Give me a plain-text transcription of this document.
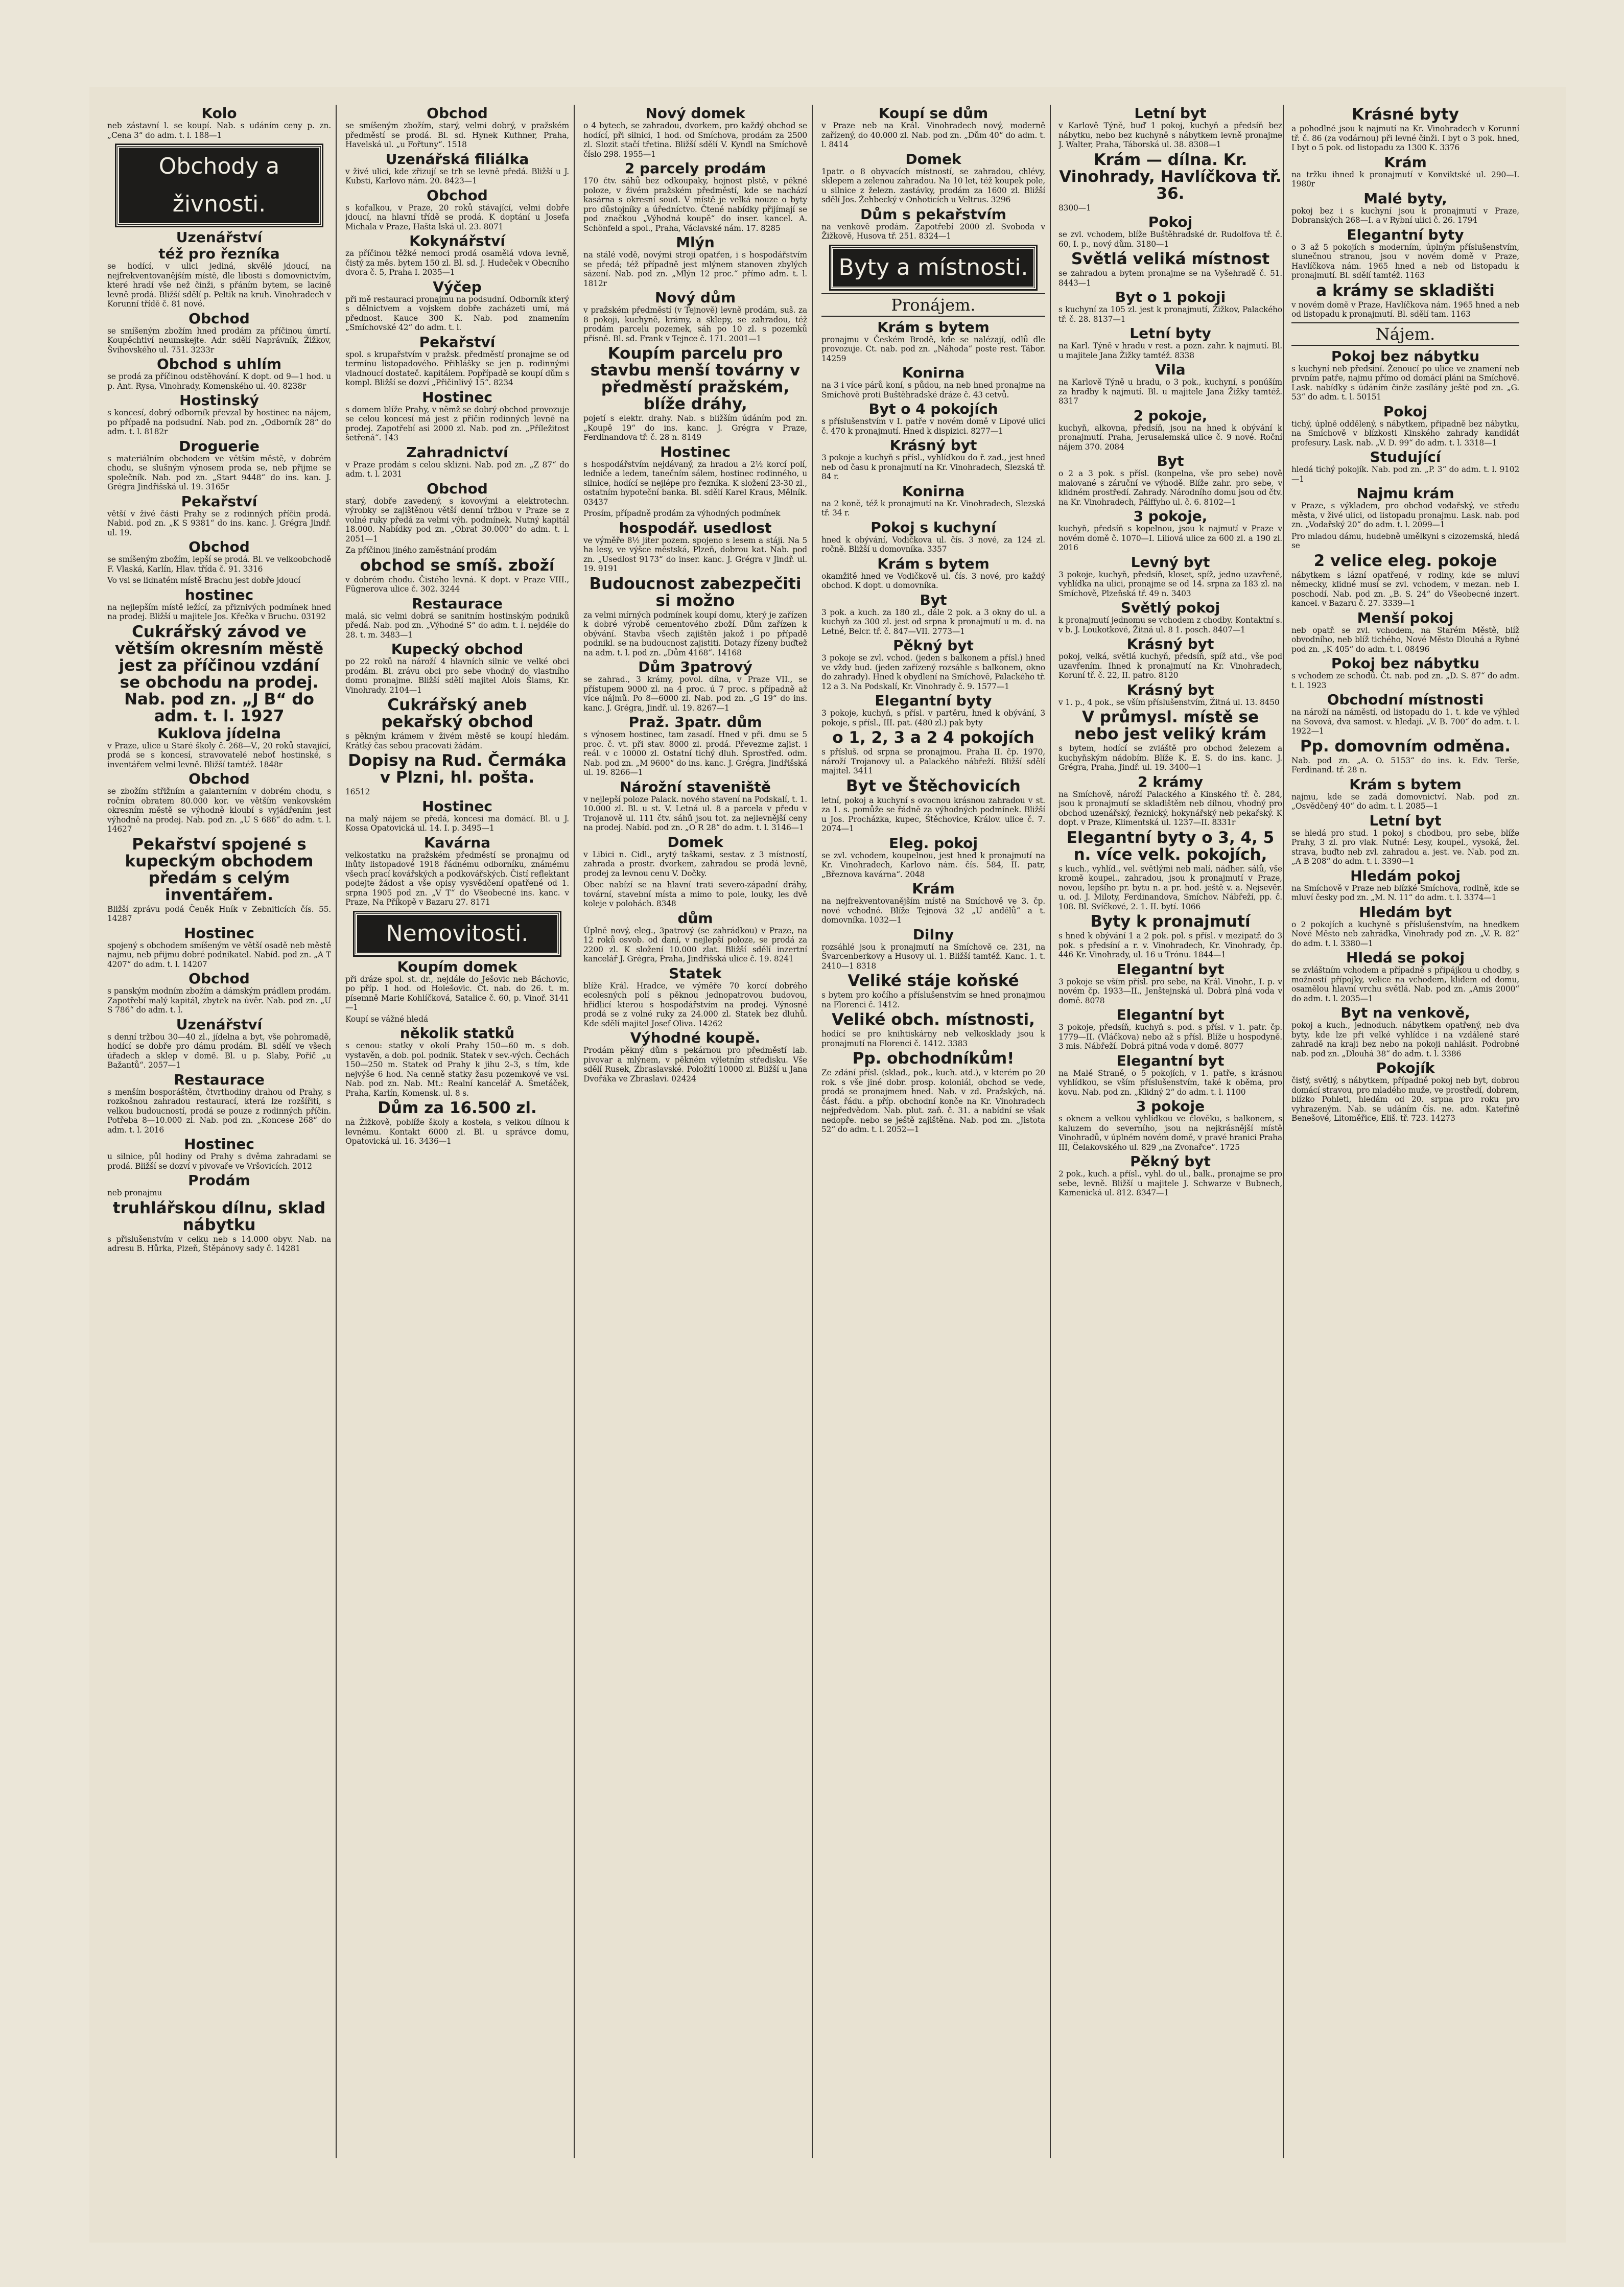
Kolo
neb zástavní l. se koupí. Nab. s udáním ceny p. zn. „Cena 3“ do adm. t. l. 188—1
Obchody a živnosti.
Uzenářství
též pro řezníka
se hodící, v ulici jediná, skvělé jdoucí, na nejfrekventovanějším místě, dle libosti s domovnictvím, které hradí vše než činži, s přáním bytem, se lacině levně prodá. Bližší sdělí p. Peltik na kruh. Vinohradech v Korunní třídě č. 81 nové.
Obchod
se smíšeným zbožím hned prodám za příčinou úmrtí. Koupěchtiví neumskejte. Adr. sdělí Naprávník, Žižkov, Švihovského ul. 751. 3233r
Obchod s uhlím
se prodá za příčinou odstěhování. K dopt. od 9—1 hod. u p. Ant. Rysa, Vinohrady, Komenského ul. 40. 8238r
Hostinský
s koncesí, dobrý odborník převzal by hostinec na nájem, po případě na podsudní. Nab. pod zn. „Odborník 28“ do adm. t. l. 8182r
Droguerie
s materiálním obchodem ve větším městě, v dobrém chodu, se slušným výnosem proda se, neb přijme se společník. Nab. pod zn. „Start 9448“ do ins. kan. J. Grégra Jindřišská ul. 19. 3165r
Pekařství
větší v živé části Prahy se z rodinných příčin prodá. Nabid. pod zn. „K S 9381“ do ins. kanc. J. Grégra Jindř. ul. 19.
Obchod
se smíšeným zbožím, lepší se prodá. Bl. ve velkoobchodě F. Vlaská, Karlín, Hlav. třída č. 91. 3316
Vo vsi se lidnatém místě Brachu jest dobře jdoucí
hostinec
na nejlepším místě ležící, za přiznivých podmínek hned na prodej. Bližší u majitele Jos. Křečka v Bruchu. 03192
Cukrářský závod ve větším okresním městě jest za příčinou vzdání se obchodu na prodej. Nab. pod zn. „J B“ do adm. t. l. 1927
Kuklova jídelna
v Praze, ulice u Staré školy č. 268—V., 20 roků stavající, prodá se s koncesí, stravovatelé neboť hostinské, s inventářem velmi levně. Bližší tamtéž. 1848r
Obchod
se zbožím střižním a galanterním v dobrém chodu, s ročním obratem 80.000 kor. ve větším venkovském okresním městě se výhodně kloubí s vyjádřením jest výhodně na prodej. Nab. pod zn. „U S 686“ do adm. t. l. 14627
Pekařství spojené s kupeckým obchodem předám s celým inventářem.
Bližší zprávu podá Čeněk Hník v Zebniticích čís. 55. 14287
Hostinec
spojený s obchodem smíšeným ve větší osadě neb městě najmu, neb přijmu dobré podnikatel. Nabíd. pod zn. „A T 4207“ do adm. t. l. 14207
Obchod
s panským modním zbožím a dámským prádlem prodám. Zapotřebí malý kapitál, zbytek na úvěr. Nab. pod zn. „U S 786“ do adm. t. l.
Uzenářství
s denní tržbou 30—40 zl., jídelna a byt, vše pohromadě, hodící se dobře pro dámu prodám. Bl. sdělí ve všech úřadech a sklep v domě. Bl. u p. Slaby, Poříč „u Bažantů“. 2057—1
Restaurace
s menším bosporáštěm, čtvrthodiny drahou od Prahy, s rozkošnou zahradou restaurací, která lze rozšířiti, s velkou budoucností, prodá se pouze z rodinných příčin. Potřeba 8—10.000 zl. Nab. pod zn. „Koncese 268“ do adm. t. l. 2016
Hostinec
u silnice, půl hodiny od Prahy s dvěma zahradami se prodá. Bližší se dozví v pivovaře ve Vršovicích. 2012
Prodám
neb pronajmu
truhlářskou dílnu, sklad nábytku
s přislušenstvím v celku neb s 14.000 obyv. Nab. na adresu B. Hůrka, Plzeň, Štěpánovy sady č. 14281
Obchod
se smíšeným zbožím, starý, velmi dobrý, v pražském předměstí se prodá. Bl. sd. Hynek Kuthner, Praha, Havelská ul. „u Fořtuny“. 1518
Uzenářská filiálka
v živé ulici, kde zřizují se trh se levně předá. Bližší u J. Kubsti, Karlovo nám. 20. 8423—1
Obchod
s kořalkou, v Praze, 20 roků stávající, velmi dobře jdoucí, na hlavní třídě se prodá. K doptání u Josefa Michala v Praze, Hašta lská ul. 23. 8071
Kokynářství
za příčinou těžké nemoci prodá osamělá vdova levně, čistý za měs. bytem 150 zl. Bl. sd. J. Hudeček v Obecního dvora č. 5, Praha I. 2035—1
Výčep
při mě restauraci pronajmu na podsudní. Odborník který s dělnictvem a vojskem dobře zacházeti umí, má přednost. Kauce 300 K. Nab. pod znamením „Smíchovské 42“ do adm. t. l.
Pekařství
spol. s krupařstvím v pražsk. předměstí pronajme se od termínu listopadového. Přihlášky se jen p. rodinnými vladnoucí dostateč. kapitálem. Popřípadě se koupí dům s kompl. Bližší se dozví „Přičinlivý 15“. 8234
Hostinec
s domem blíže Prahy, v němž se dobrý obchod provozuje se celou koncesí má jest z příčin rodinných levně na prodej. Zapotřebí asi 2000 zl. Nab. pod zn. „Příležitost šetřená“. 143
Zahradnictví
v Praze prodám s celou sklizni. Nab. pod zn. „Z 87“ do adm. t. l. 2031
Obchod
starý, dobře zavedený, s kovovými a elektrotechn. výrobky se zajištěnou větší denní tržbou v Praze se z volné ruky předá za velmi výh. podmínek. Nutný kapitál 18.000. Nabídky pod zn. „Obrat 30.000“ do adm. t. l. 2051—1
Za příčinou jiného zaměstnání prodám
obchod se smíš. zboží
v dobrém chodu. Čistého levná. K dopt. v Praze VIII., Fügnerova ulice č. 302. 3244
Restaurace
malá, sic velmi dobrá se sanitním hostinským podniků předá. Nab. pod zn. „Výhodné S“ do adm. t. l. nejdéle do 28. t. m. 3483—1
Kupecký obchod
po 22 roků na nároží 4 hlavních silnic ve velké obci prodám. Bl. zrávu obci pro sebe vhodný do vlastního domu pronajme. Bližší sdělí majitel Alois Šlams, Kr. Vinohrady. 2104—1
Cukrářský aneb pekařský obchod
s pěkným krámem v živém městě se koupí hledám. Krátký čas sebou pracovati žádám.
Dopisy na Rud. Čermáka v Plzni, hl. pošta.
16512
Hostinec
na malý nájem se předá, koncesi ma domácí. Bl. u J. Kossa Opatovická ul. 14. I. p. 3495—1
Kavárna
velkostatku na pražském předměstí se pronajmu od lhůty listopadové 1918 řádnému odborníku, známému všech prací kovářských a podkovářských. Čistí reflektant podejte žádost a vše opisy vysvědčení opatřené od 1. srpna 1905 pod zn. „V T“ do Všeobecné ins. kanc. v Praze, Na Příkopě v Bazaru 27. 8171
Nemovitosti.
Koupím domek
při dráze spol. st. dr., nejdále do Ješovic neb Báchovic, po příp. 1 hod. od Holešovic. Čt. nab. do 26. t. m. písemně Marie Kohlíčková, Satalice č. 60, p. Vinoř. 3141—1
Koupí se vážné hledá
několik statků
s cenou: statky v okolí Prahy 150—60 m. s dob. vystavěn, a dob. pol. podnik. Statek v sev.-vých. Čechách 150—250 m. Statek od Prahy k jihu 2–3, s tím, kde nejvýše 6 hod. Na cenně statky žasu pozemkové ve vsi. Nab. pod zn. Nab. Mt.: Realní kancelář A. Šmetáček, Praha, Karlín, Komensk. ul. 8 s.
Dům za 16.500 zl.
na Žižkově, poblíže školy a kostela, s velkou dílnou k levnému. Kontakt 6000 zl. Bl. u správce domu, Opatovická ul. 16. 3436—1
Nový domek
o 4 bytech, se zahradou, dvorkem, pro každý obchod se hodící, při silnici, 1 hod. od Smíchova, prodám za 2500 zl. Slozit stačí třetina. Bližší sdělí V. Kyndl na Smíchově číslo 298. 1955—1
2 parcely prodám
170 čtv. sáhů bez odkoupaky, hojnost plstě, v pěkné poloze, v živém pražském předměstí, kde se nachází kasárna s okresní soud. V místě je velká nouze o byty pro důstojníky a úředníctvo. Čtené nabídky přijímají se pod značkou „Výhodná koupě“ do inser. kancel. A. Schönfeld a spol., Praha, Václavské nám. 17. 8285
Mlýn
na stálé vodě, novými stroji opatřen, i s hospodářstvím se předá; též případně jest mlýnem stanoven zbylých sázení. Nab. pod zn. „Mlýn 12 proc.“ přímo adm. t. l. 1812r
Nový dům
v pražském předměstí (v Tejnově) levně prodám, suš. za 8 pokoji, kuchyně, krámy, a sklepy, se zahradou, též prodám parcelu pozemek, sáh po 10 zl. s pozemků přísně. Bl. sd. Frank v Tejnce č. 171. 2001—1
Koupím parcelu pro stavbu menší továrny v předměstí pražském, blíže dráhy,
pojetí s elektr. drahy. Nab. s bližším údáním pod zn. „Koupě 19“ do ins. kanc. J. Grégra v Praze, Ferdinandova tř. č. 28 n. 8149
Hostinec
s hospodářstvím nejdávaný, za hradou a 2½ korcí polí, ledniče a ledem, tanečním sálem, hostinec rodinného, u silnice, hodící se nejlépe pro řezníka. K složení 23-30 zl., ostatním hypoteční banka. Bl. sdělí Karel Kraus, Mělník. 03437
Prosím, případně prodám za výhodných podmínek
hospodář. usedlost
ve výměře 8½ jiter pozem. spojeno s lesem a stáji. Na 5 ha lesy, ve výšce městská, Plzeň, dobrou kat. Nab. pod zn. „Usedlost 9173“ do inser. kanc. J. Grégra v Jindř. ul. 19. 9191
Budoucnost zabezpečiti si možno
za velmi mírných podmínek koupí domu, který je zařízen k dobré výrobě cementového zboží. Dům zařízen k obývání. Stavba všech zajištěn jakož i po případě podnikl. se na budoucnost zajistiti. Dotazy řízeny buďtež na adm. t. l. pod zn. „Dům 4168“. 14168
Dům 3patrový
se zahrad., 3 krámy, povol. dílna, v Praze VII., se přístupem 9000 zl. na 4 proc. ú 7 proc. s případně až více nájmů. Po 8—6000 zl. Nab. pod zn. „G 19“ do ins. kanc. J. Grégra, Jindř. ul. 19. 8267—1
Praž. 3patr. dům
s výnosem hostinec, tam zasadí. Hned v při. dmu se 5 proc. č. vt. při stav. 8000 zl. prodá. Převezme zajist. i reál. v c 10000 zl. Ostatní tichý dluh. Sprostřed. odm. Nab. pod zn. „M 9600“ do ins. kanc. J. Grégra, Jindřišská ul. 19. 8266—1
Nárožní staveniště
v nejlepší poloze Palack. nového stavení na Podskalí, t. 1. 10.000 zl. Bl. u st. V. Letná ul. 8 a parcela v předu v Trojanově ul. 111 čtv. sáhů jsou tot. za nejlevnější ceny na prodej. Nabíd. pod zn. „O R 28“ do adm. t. l. 3146—1
Domek
v Libici n. Cidl., arytý taškami, sestav. z 3 místností, zahrada a prostr. dvorkem, zahradou se prodá levně, prodej za levnou cenu V. Dočky.
Obec nabízí se na hlavní trati severo-západní dráhy, tovární, stavební místa a mimo to pole, louky, les dvě koleje v polohách. 8348
dům
Úplně nový, eleg., 3patrový (se zahrádkou) v Praze, na 12 roků osvob. od daní, v nejlepší poloze, se prodá za 2200 zl. K složení 10.000 zlat. Bližší sdělí inzertní kancelář J. Grégra, Praha, Jindřišská ulice č. 19. 8241
Statek
blíže Král. Hradce, ve výměře 70 korcí dobrého ecolesných polí s pěknou jednopatrovou budovou, hřídlicí kterou s hospodářstvím na prodej. Výnosné prodá se z volné ruky za 24.000 zl. Statek bez dluhů. Kde sdělí majitel Josef Oliva. 14262
Výhodné koupě.
Prodám pěkný dům s pekárnou pro předměstí lab. pivovar a mlýnem, v pěkném výletním středisku. Vše sdělí Rusek, Zbraslavské. Položití 10000 zl. Bližší u Jana Dvořáka ve Zbraslavi. 02424
Koupí se dům
v Praze neb na Král. Vinohradech nový, moderně zařízený, do 40.000 zl. Nab. pod zn. „Dům 40“ do adm. t. l. 8414
Domek
1patr. o 8 obyvacích místností, se zahradou, chlévy, sklepem a zelenou zahradou. Na 10 let, též koupek pole, u silnice z železn. zastávky, prodám za 1600 zl. Bližší sdělí Jos. Žehbecký v Onhoticích u Veltrus. 3296
Dům s pekařstvím
na venkově prodám. Zapotřebí 2000 zl. Svoboda v Žižkově, Husova tř. 251. 8324—1
Byty a místnosti.
Pronájem.
Krám s bytem
pronajmu v Českém Brodě, kde se nalézají, odlů dle provozuje. Ct. nab. pod zn. „Náhoda“ poste rest. Tábor. 14259
Konirna
na 3 i více párů koní, s půdou, na neb hned pronajme na Smíchově proti Buštěhradské dráze č. 43 cetvů.
Byt o 4 pokojích
s příslušenstvím v I. patře v novém domě v Lipové ulici č. 470 k pronajmutí. Hned k dispizici. 8277—1
Krásný byt
3 pokoje a kuchyň s přísl., vyhlídkou do ř. zad., jest hned neb od času k pronajmutí na Kr. Vinohradech, Slezská tř. 84 r.
Konirna
na 2 koně, též k pronajmutí na Kr. Vinohradech, Slezská tř. 34 r.
Pokoj s kuchyní
hned k obývání, Vodičkova ul. čís. 3 nové, za 124 zl. ročně. Bližší u domovníka. 3357
Krám s bytem
okamžitě hned ve Vodičkově ul. čís. 3 nové, pro každý obchod. K dopt. u domovníka.
Byt
3 pok. a kuch. za 180 zl., dále 2 pok. a 3 okny do ul. a kuchyň za 300 zl. jest od srpna k pronajmutí u m. d. na Letné, Belcr. tř. č. 847—VII. 2773—1
Pěkný byt
3 pokoje se zvl. vchod. (jeden s balkonem a přísl.) hned ve vždy bud. (jeden zařízený rozsáhle s balkonem, okno do zahrady). Hned k obydlení na Smíchově, Palackého tř. 12 a 3. Na Podskalí, Kr. Vinohrady č. 9. 1577—1
Elegantní byty
3 pokoje, kuchyň, s přísl. v partěru, hned k obývání, 3 pokoje, s přísl., III. pat. (480 zl.) pak byty
o 1, 2, 3 a 2 4 pokojích
s přísluš. od srpna se pronajmou. Praha II. čp. 1970, nároží Trojanovy ul. a Palackého nábřeží. Bližší sdělí majitel. 3411
Byt ve Štěchovicích
letní, pokoj a kuchyní s ovocnou krásnou zahradou v st. za 1. s. pomůže se řádně za výhodných podmínek. Bližší u Jos. Procházka, kupec, Štěchovice, Králov. ulice č. 7. 2074—1
Eleg. pokoj
se zvl. vchodem, koupelnou, jest hned k pronajmutí na Kr. Vinohradech, Karlovo nám. čís. 584, II. patr, „Březnova kavárna“. 2048
Krám
na nejfrekventovanějším místě na Smíchově ve 3. čp. nové vchodné. Blíže Tejnová 32 „U andělů“ a t. domovníka. 1032—1
Dilny
rozsáhlé jsou k pronajmutí na Smíchově ce. 231, na Švarcenberkovy a Husovy ul. 1. Bližší tamtéž. Kanc. 1. t. 2410—1 8318
Veliké stáje koňské
s bytem pro kočího a příslušenstvím se hned pronajmou na Florenci č. 1412.
Veliké obch. místnosti,
hodící se pro knihtiskárny neb velkosklady jsou k pronajmutí na Florenci č. 1412. 3383
Pp. obchodníkům!
Ze zdání přísl. (sklad., pok., kuch. atd.), v kterém po 20 rok. s vše jiné dobr. prosp. koloniál, obchod se vede, prodá se pronajmem hned. Nab. v zd. Pražských, ná. část. řádu. a příp. obchodní konče na Kr. Vinohradech nejpředvědom. Nab. plut. zaň. č. 31. a nabídní se však nedopře. nebo se ještě zajištěna. Nab. pod zn. „Jistota 52“ do adm. t. l. 2052—1
Letní byt
v Karlově Týně, buď 1 pokoj, kuchyň a předsíň bez nábytku, nebo bez kuchyně s nábytkem levně pronajme J. Walter, Praha, Táborská ul. 38. 8308—1
Krám — dílna. Kr. Vinohrady, Havlíčkova tř. 36.
8300—1
Pokoj
se zvl. vchodem, blíže Buštěhradské dr. Rudolfova tř. č. 60, I. p., nový dům. 3180—1
Světlá veliká místnost
se zahradou a bytem pronajme se na Vyšehradě č. 51. 8443—1
Byt o 1 pokoji
s kuchyní za 105 zl. jest k pronajmutí, Žižkov, Palackého tř. č. 28. 8137—1
Letní byty
na Karl. Týně v hradu v rest. a pozn. zahr. k najmutí. Bl. u majitele Jana Žižky tamtéž. 8338
Vila
na Karlově Týně u hradu, o 3 pok., kuchyní, s ponúším za hradby k najmutí. Bl. u majitele Jana Žižky tamtéž. 8317
2 pokoje,
kuchyň, alkovna, předsíň, jsou na hned k obývání k pronajmutí. Praha, Jerusalemská ulice č. 9 nové. Roční nájem 370. 2084
Byt
o 2 a 3 pok. s přísl. (konpelna, vše pro sebe) nově malované s záruční ve výhodě. Blíže zahr. pro sebe, v klidném prostředí. Zahrady. Národního domu jsou od čtv. na Kr. Vinohradech, Pálffyho ul. č. 6. 8102—1
3 pokoje,
kuchyň, předsíň s kopelnou, jsou k najmutí v Praze v novém domě č. 1070—I. Liliová ulice za 600 zl. a 190 zl. 2016
Levný byt
3 pokoje, kuchyň, předsíň, kloset, spíž, jedno uzavřeně, vyhlídka na ulici, pronajme se od 14. srpna za 183 zl. na Smíchově, Plzeňská tř. 49 n. 3403
Světlý pokoj
k pronajmutí jednomu se vchodem z chodby. Kontaktní s. v b. J. Loukotkové, Žitná ul. 8 1. posch. 8407—1
Krásný byt
pokoj, velká, světlá kuchyň, předsíň, spíž atd., vše pod uzavřením. Ihned k pronajmutí na Kr. Vinohradech, Koruní tř. č. 22, II. patro. 8120
Krásný byt
v 1. p., 4 pok., se vším příslušenstvím, Žitná ul. 13. 8450
V průmysl. místě se nebo jest veliký krám
s bytem, hodící se zvláště pro obchod železem a kuchyňským nádobím. Blíže K. E. S. do ins. kanc. J. Grégra, Praha, Jindř. ul. 19. 3400—1
2 krámy
na Smíchově, nároží Palackého a Kinského tř. č. 284, jsou k pronajmutí se skladištěm neb dílnou, vhodný pro obchod uzenářský, řeznický, hokynářský neb pekařský. K dopt. v Praze, Klimentská ul. 1237—II. 8331r
Elegantní byty o 3, 4, 5 n. více velk. pokojích,
s kuch., vyhlíd., vel. světlými neb malí, nádher. sálů, vše kromě koupel., zahradou, jsou k pronajmutí v Praze, novou, lepšího pr. bytu n. a pr. hod. ještě v. a. Nejsevěr. u. od. J. Miloty, Ferdinandova, Smíchov. Nábřeží, pp. č. 108. Bl. Svíčkové, 2. 1. II. bytí. 1066
Byty k pronajmutí
s hned k obývání 1 a 2 pok. pol. s přísl. v mezipatř. do 3 pok. s předsíní a r. v. Vinohradech, Kr. Vinohrady, čp. 446 Kr. Vinohrady, ul. 16 u Trónu. 1844—1
Elegantní byt
3 pokoje se vším přísl. pro sebe, na Král. Vinohr., I. p. v novém čp. 1933—II., Jenštejnská ul. Dobrá plná voda v domě. 8078
Elegantní byt
3 pokoje, předsíň, kuchyň s. pod. s přísl. v 1. patr. čp. 1779—II. (Vláčkova) nebo až s přísl. Blíže u hospodyně. 3 mis. Nábřeží. Dobrá pitná voda v domě. 8077
Elegantní byt
na Malé Straně, o 5 pokojích, v 1. patře, s krásnou vyhlídkou, se vším příslušenstvím, také k oběma, pro kovu. Nab. pod zn. „Klidný 2“ do adm. t. l. 1100
3 pokoje
s oknem a velkou vyhlídkou ve člověku, s balkonem, s kaluzem do severního, jsou na nejkrásnější místě Vinohradů, v úplném novém domě, v pravé hranici Praha III, Čelakovského ul. 829 „na Zvonařce“. 1725
Pěkný byt
2 pok., kuch. a přísl., vyhl. do ul., balk., pronajme se pro sebe, levně. Bližší u majitele J. Schwarze v Bubnech, Kamenická ul. 812. 8347—1
Krásné byty
a pohodlné jsou k najmutí na Kr. Vinohradech v Korunní tř. č. 86 (za vodárnou) při levné činži. I byt o 3 pok. hned, I byt o 5 pok. od listopadu za 1300 K. 3376
Krám
na tržku ihned k pronajmutí v Konviktské ul. 290—I. 1980r
Malé byty,
pokoj bez i s kuchyní jsou k pronajmutí v Praze, Dobranských 268—I. a v Rybní ulici č. 26. 1794
Elegantní byty
o 3 až 5 pokojích s moderním, úplným příslušenstvím, slunečnou stranou, jsou v novém domě v Praze, Havlíčkova nám. 1965 hned a neb od listopadu k pronajmutí. Bl. sdělí tamtéž. 1163
a krámy se skladišti
v novém domě v Praze, Havlíčkova nám. 1965 hned a neb od listopadu k pronajmutí. Bl. sdělí tam. 1163
Nájem.
Pokoj bez nábytku
s kuchyní neb předsíní. Ženoucí po ulice ve znamení neb prvním patře, najmu přímo od domácí pláni na Smíchově. Lask. nabídky s údáním činže zasílány ještě pod zn. „G. 53“ do adm. t. l. 50151
Pokoj
tichý, úplně oddělený, s nábytkem, připadně bez nábytku, na Smíchově v blízkosti Kinského zahrady kandidát profesury. Lask. nab. „V. D. 99“ do adm. t. l. 3318—1
Studující
hledá tichý pokojík. Nab. pod zn. „P. 3“ do adm. t. l. 9102—1
Najmu krám
v Praze, s výkladem, pro obchod vodařský, ve středu města, v živé ulici, od listopadu pronajmu. Lask. nab. pod zn. „Vodařský 20“ do adm. t. l. 2099—1
Pro mladou dámu, hudebně umělkyni s cizozemská, hledá se
2 velice eleg. pokoje
nábytkem s lázní opatřené, v rodiny, kde se mluví německy, klidné musí se zvl. vchodem, v mezan. neb I. poschodí. Nab. pod zn. „B. S. 24“ do Všeobecné inzert. kancel. v Bazaru č. 27. 3339—1
Menší pokoj
neb opatř. se zvl. vchodem, na Starém Městě, blíž obvodního, neb blíž tichého, Nové Město Dlouhá a Rybné pod zn. „K 405“ do adm. t. l. 08496
Pokoj bez nábytku
s vchodem ze schodů. Čt. nab. pod zn. „D. S. 87“ do adm. t. l. 1923
Obchodní místnosti
na nároží na náměstí, od listopadu do 1. t. kde ve výhled na Sovová, dva samost. v. hledají. „V. B. 700“ do adm. t. l. 1922—1
Pp. domovním odměna.
Nab. pod zn. „A. O. 5153“ do ins. k. Edv. Terše, Ferdinand. tř. 28 n.
Krám s bytem
najmu, kde se zadá domovnictví. Nab. pod zn. „Osvědčený 40“ do adm. t. l. 2085—1
Letní byt
se hledá pro stud. 1 pokoj s chodbou, pro sebe, blíže Prahy, 3 zl. pro vlak. Nutné: Lesy, koupel., vysoká, žel. strava, buďto neb zvl. zahradou a. jest. ve. Nab. pod zn. „A B 208“ do adm. t. l. 3390—1
Hledám pokoj
na Smíchově v Praze neb blízké Smíchova, rodině, kde se mluví česky pod zn. „M. N. 11“ do adm. t. l. 3374—1
Hledám byt
o 2 pokojích a kuchyně s příslušenstvím, na hnedkem Nové Město neb zahrádka, Vinohrady pod zn. „V. R. 82“ do adm. t. l. 3380—1
Hledá se pokoj
se zvláštním vchodem a případně s připájkou u chodby, s možností přípojky, velice na vchodem, klidem od domu, osamělou hlavní vrchu světlá. Nab. pod zn. „Amis 2000“ do adm. t. l. 2035—1
Byt na venkově,
pokoj a kuch., jednoduch. nábytkem opatřený, neb dva byty, kde lze při velké vyhlídce i na vzdálené staré zahradě na kraji bez nebo na pokoji nahlásit. Podrobné nab. pod zn. „Dlouhá 38“ do adm. t. l. 3386
Pokojík
čistý, světlý, s nábytkem, případně pokoj neb byt, dobrou domácí stravou, pro mladého muže, ve prostředí, dobrem, blízko Pohleti, hledám od 20. srpna pro roku pro vyhrazeným. Nab. se udáním čís. ne. adm. Kateřině Benešové, Litoměřice, Eliš. tř. 723. 14273
